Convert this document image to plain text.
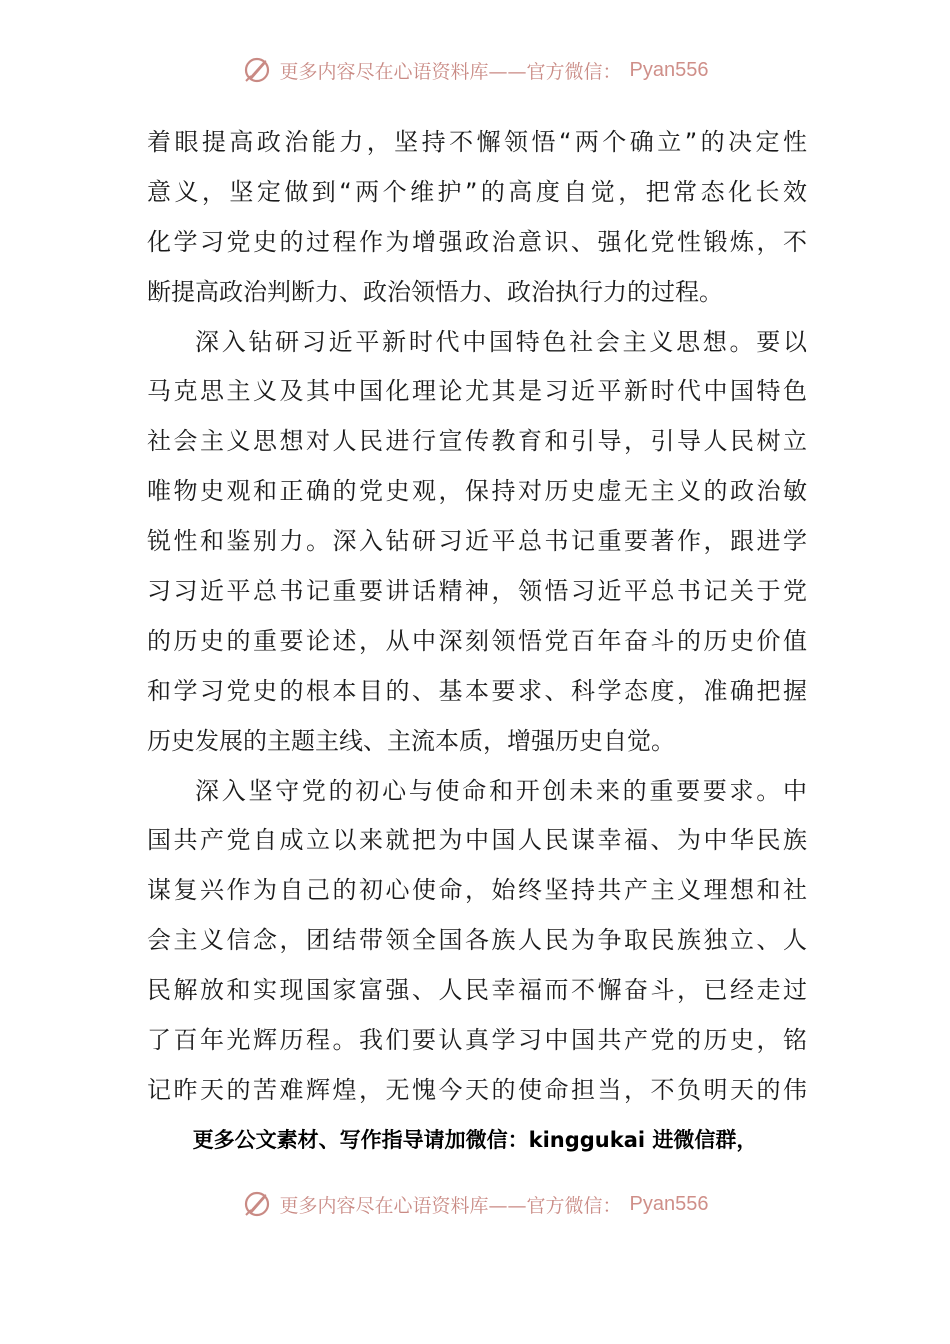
更多内容尽在心语资料库——官方微信： Pyan556
着眼提高政治能力，坚持不懈领悟“两个确立”的决定性
意义，坚定做到“两个维护”的高度自觉，把常态化长效
化学习党史的过程作为增强政治意识、强化党性锻炼，不
断提高政治判断力、政治领悟力、政治执行力的过程。
深入钻研习近平新时代中国特色社会主义思想。要以
马克思主义及其中国化理论尤其是习近平新时代中国特色
社会主义思想对人民进行宣传教育和引导，引导人民树立
唯物史观和正确的党史观，保持对历史虚无主义的政治敏
锐性和鉴别力。深入钻研习近平总书记重要著作，跟进学
习习近平总书记重要讲话精神，领悟习近平总书记关于党
的历史的重要论述，从中深刻领悟党百年奋斗的历史价值
和学习党史的根本目的、基本要求、科学态度，准确把握
历史发展的主题主线、主流本质，增强历史自觉。
深入坚守党的初心与使命和开创未来的重要要求。中
国共产党自成立以来就把为中国人民谋幸福、为中华民族
谋复兴作为自己的初心使命，始终坚持共产主义理想和社
会主义信念，团结带领全国各族人民为争取民族独立、人
民解放和实现国家富强、人民幸福而不懈奋斗，已经走过
了百年光辉历程。我们要认真学习中国共产党的历史，铭
记昨天的苦难辉煌，无愧今天的使命担当，不负明天的伟
更多公文素材、写作指导请加微信：kinggukai 进微信群，
更多内容尽在心语资料库——官方微信： Pyan556
